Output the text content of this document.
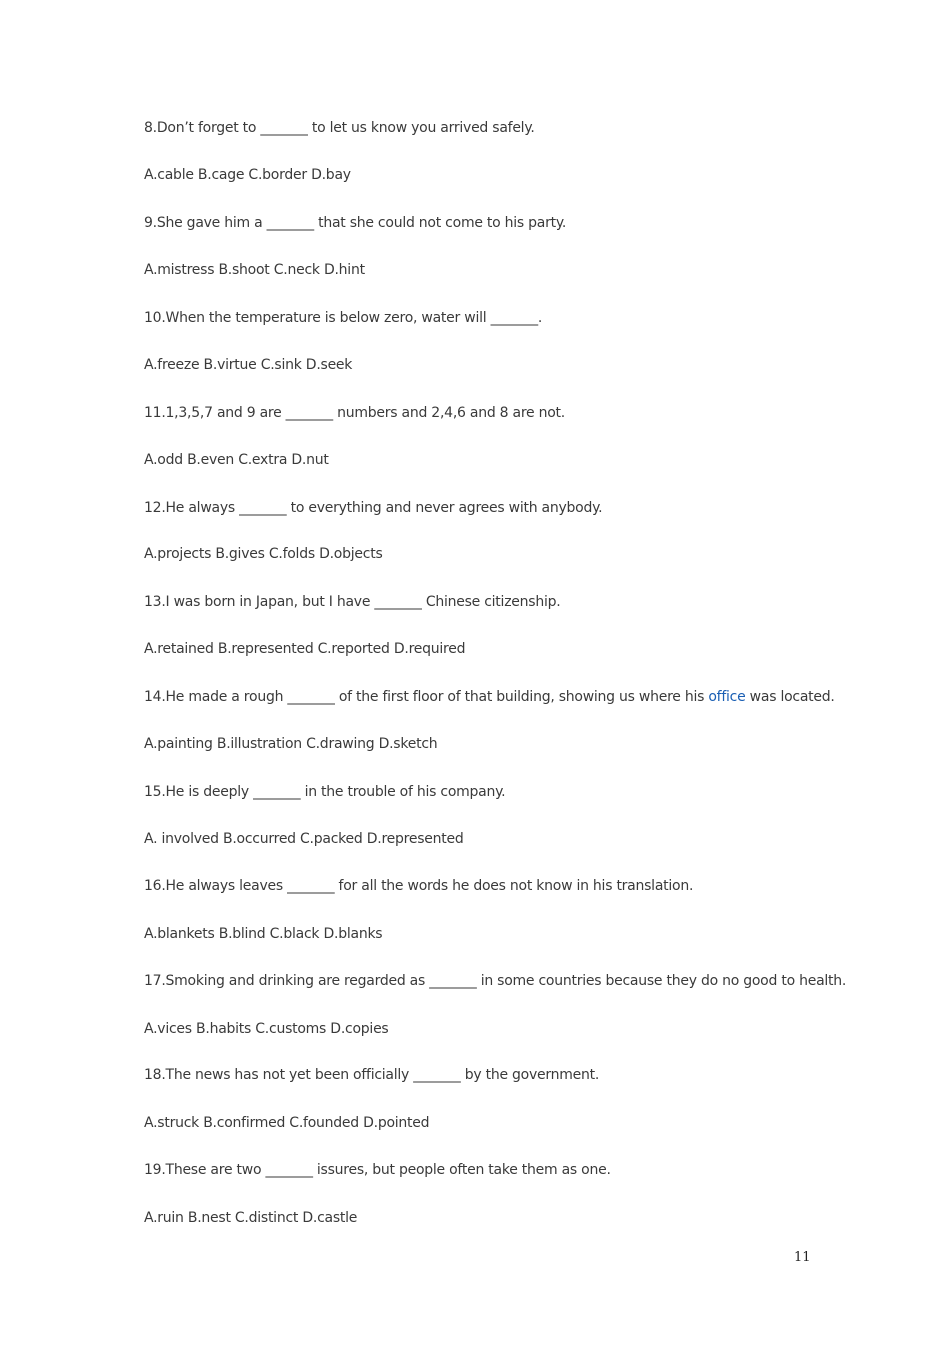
8.Don’t forget to _______ to let us know you arrived safely.
A.cable B.cage C.border D.bay
9.She gave him a _______ that she could not come to his party.
A.mistress B.shoot C.neck D.hint
10.When the temperature is below zero, water will _______.
A.freeze B.virtue C.sink D.seek
11.1,3,5,7 and 9 are _______ numbers and 2,4,6 and 8 are not.
A.odd B.even C.extra D.nut
12.He always _______ to everything and never agrees with anybody.
A.projects B.gives C.folds D.objects
13.I was born in Japan, but I have _______ Chinese citizenship.
A.retained B.represented C.reported D.required
14.He made a rough _______ of the first floor of that building, showing us where his office was located.
A.painting B.illustration C.drawing D.sketch
15.He is deeply _______ in the trouble of his company.
A. involved B.occurred C.packed D.represented
16.He always leaves _______ for all the words he does not know in his translation.
A.blankets B.blind C.black D.blanks
17.Smoking and drinking are regarded as _______ in some countries because they do no good to health.
A.vices B.habits C.customs D.copies
18.The news has not yet been officially _______ by the government.
A.struck B.confirmed C.founded D.pointed
19.These are two _______ issures, but people often take them as one.
A.ruin B.nest C.distinct D.castle
11
